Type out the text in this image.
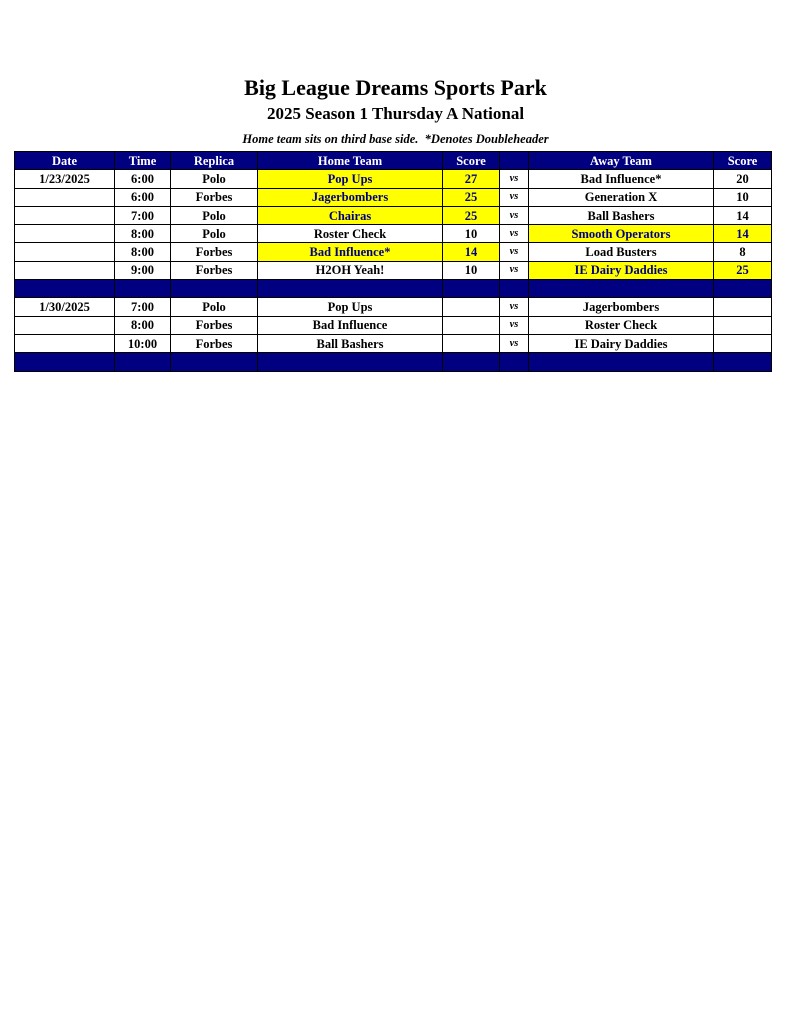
Big League Dreams Sports Park
2025 Season 1 Thursday A National

Home team sits on third base side.  *Denotes Doubleheader

Date	Time	Replica	Home Team	Score		Away Team	Score
1/23/2025	6:00	Polo	Pop Ups	27	vs	Bad Influence*	20
	6:00	Forbes	Jagerbombers	25	vs	Generation X	10
	7:00	Polo	Chairas	25	vs	Ball Bashers	14
	8:00	Polo	Roster Check	10	vs	Smooth Operators	14
	8:00	Forbes	Bad Influence*	14	vs	Load Busters	8
	9:00	Forbes	H2OH Yeah!	10	vs	IE Dairy Daddies	25

1/30/2025	7:00	Polo	Pop Ups		vs	Jagerbombers	
	8:00	Forbes	Bad Influence		vs	Roster Check	
	10:00	Forbes	Ball Bashers		vs	IE Dairy Daddies	
